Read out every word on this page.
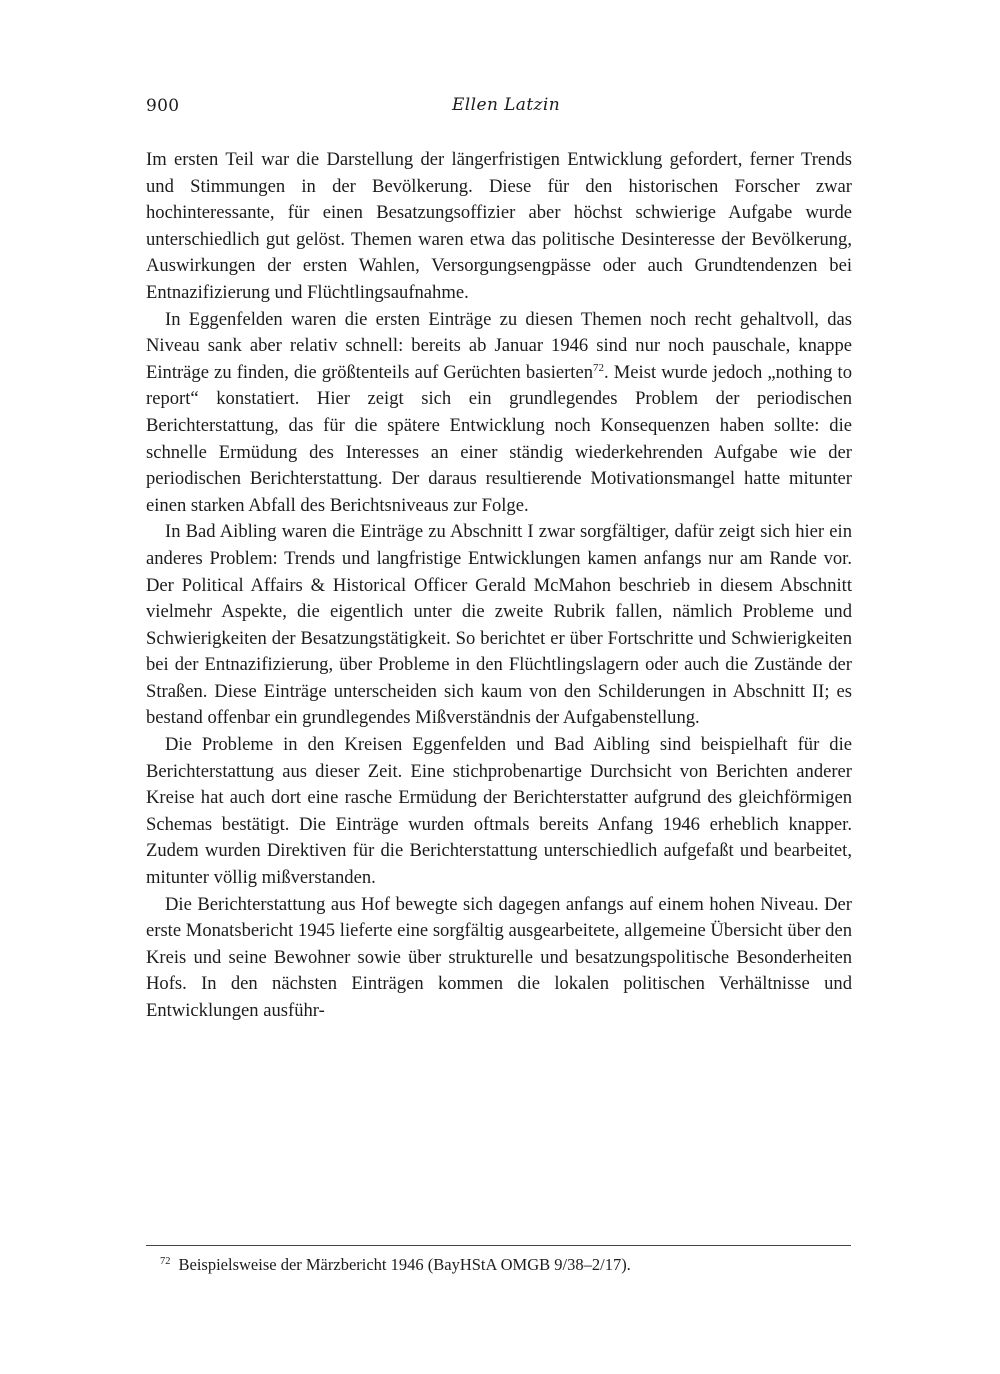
900	Ellen Latzin

Im ersten Teil war die Darstellung der längerfristigen Entwicklung gefordert, ferner Trends und Stimmungen in der Bevölkerung. Diese für den historischen Forscher zwar hochinteressante, für einen Besatzungsoffizier aber höchst schwierige Aufgabe wurde unterschiedlich gut gelöst. Themen waren etwa das politische Desinteresse der Bevölkerung, Auswirkungen der ersten Wahlen, Versorgungsengpässe oder auch Grundtendenzen bei Entnazifizierung und Flüchtlingsaufnahme.

In Eggenfelden waren die ersten Einträge zu diesen Themen noch recht gehaltvoll, das Niveau sank aber relativ schnell: bereits ab Januar 1946 sind nur noch pauschale, knappe Einträge zu finden, die größtenteils auf Gerüchten basierten$^{72}$. Meist wurde jedoch „nothing to report“ konstatiert. Hier zeigt sich ein grundlegendes Problem der periodischen Berichterstattung, das für die spätere Entwicklung noch Konsequenzen haben sollte: die schnelle Ermüdung des Interesses an einer ständig wiederkehrenden Aufgabe wie der periodischen Berichterstattung. Der daraus resultierende Motivationsmangel hatte mitunter einen starken Abfall des Berichtsniveaus zur Folge.

In Bad Aibling waren die Einträge zu Abschnitt I zwar sorgfältiger, dafür zeigt sich hier ein anderes Problem: Trends und langfristige Entwicklungen kamen anfangs nur am Rande vor. Der Political Affairs & Historical Officer Gerald McMahon beschrieb in diesem Abschnitt vielmehr Aspekte, die eigentlich unter die zweite Rubrik fallen, nämlich Probleme und Schwierigkeiten der Besatzungstätigkeit. So berichtet er über Fortschritte und Schwierigkeiten bei der Entnazifizierung, über Probleme in den Flüchtlingslagern oder auch die Zustände der Straßen. Diese Einträge unterscheiden sich kaum von den Schilderungen in Abschnitt II; es bestand offenbar ein grundlegendes Mißverständnis der Aufgabenstellung.

Die Probleme in den Kreisen Eggenfelden und Bad Aibling sind beispielhaft für die Berichterstattung aus dieser Zeit. Eine stichprobenartige Durchsicht von Berichten anderer Kreise hat auch dort eine rasche Ermüdung der Berichterstatter aufgrund des gleichförmigen Schemas bestätigt. Die Einträge wurden oftmals bereits Anfang 1946 erheblich knapper. Zudem wurden Direktiven für die Berichterstattung unterschiedlich aufgefaßt und bearbeitet, mitunter völlig mißverstanden.

Die Berichterstattung aus Hof bewegte sich dagegen anfangs auf einem hohen Niveau. Der erste Monatsbericht 1945 lieferte eine sorgfältig ausgearbeitete, allgemeine Übersicht über den Kreis und seine Bewohner sowie über strukturelle und besatzungspolitische Besonderheiten Hofs. In den nächsten Einträgen kommen die lokalen politischen Verhältnisse und Entwicklungen ausführ-

$^{72}$ Beispielsweise der Märzbericht 1946 (BayHStA OMGB 9/38–2/17).
